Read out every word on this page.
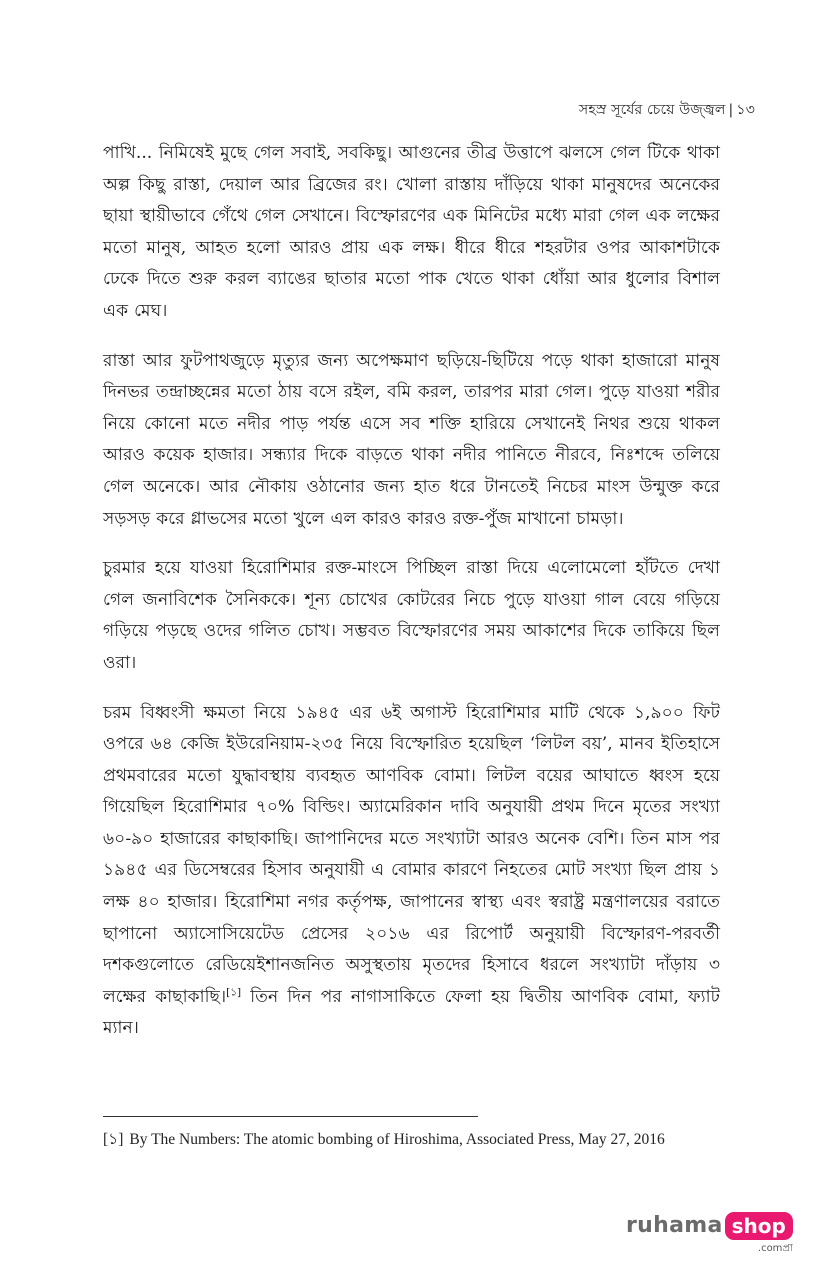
সহস্র সূর্যের চেয়ে উজ্জ্বল | ১৩

পাখি... নিমিষেই মুছে গেল সবাই, সবকিছু। আগুনের তীব্র উত্তাপে ঝলসে গেল টিকে থাকা অল্প কিছু রাস্তা, দেয়াল আর ব্রিজের রং। খোলা রাস্তায় দাঁড়িয়ে থাকা মানুষদের অনেকের ছায়া স্থায়ীভাবে গেঁথে গেল সেখানে। বিস্ফোরণের এক মিনিটের মধ্যে মারা গেল এক লক্ষের মতো মানুষ, আহত হলো আরও প্রায় এক লক্ষ। ধীরে ধীরে শহরটার ওপর আকাশটাকে ঢেকে দিতে শুরু করল ব্যাঙের ছাতার মতো পাক খেতে থাকা ধোঁয়া আর ধুলোর বিশাল এক মেঘ।

রাস্তা আর ফুটপাথজুড়ে মৃত্যুর জন্য অপেক্ষমাণ ছড়িয়ে-ছিটিয়ে পড়ে থাকা হাজারো মানুষ দিনভর তন্দ্রাচ্ছন্নের মতো ঠায় বসে রইল, বমি করল, তারপর মারা গেল। পুড়ে যাওয়া শরীর নিয়ে কোনো মতে নদীর পাড় পর্যন্ত এসে সব শক্তি হারিয়ে সেখানেই নিথর শুয়ে থাকল আরও কয়েক হাজার। সন্ধ্যার দিকে বাড়তে থাকা নদীর পানিতে নীরবে, নিঃশব্দে তলিয়ে গেল অনেকে। আর নৌকায় ওঠানোর জন্য হাত ধরে টানতেই নিচের মাংস উন্মুক্ত করে সড়সড় করে গ্লাভসের মতো খুলে এল কারও কারও রক্ত-পুঁজ মাখানো চামড়া।

চুরমার হয়ে যাওয়া হিরোশিমার রক্ত-মাংসে পিচ্ছিল রাস্তা দিয়ে এলোমেলো হাঁটতে দেখা গেল জনাবিশেক সৈনিককে। শূন্য চোখের কোটরের নিচে পুড়ে যাওয়া গাল বেয়ে গড়িয়ে গড়িয়ে পড়ছে ওদের গলিত চোখ। সম্ভবত বিস্ফোরণের সময় আকাশের দিকে তাকিয়ে ছিল ওরা।

চরম বিধ্বংসী ক্ষমতা নিয়ে ১৯৪৫ এর ৬ই অগাস্ট হিরোশিমার মাটি থেকে ১,৯০০ ফিট ওপরে ৬৪ কেজি ইউরেনিয়াম-২৩৫ নিয়ে বিস্ফোরিত হয়েছিল ‘লিটল বয়’, মানব ইতিহাসে প্রথমবারের মতো যুদ্ধাবস্থায় ব্যবহৃত আণবিক বোমা। লিটল বয়ের আঘাতে ধ্বংস হয়ে গিয়েছিল হিরোশিমার ৭০% বিল্ডিং। অ্যামেরিকান দাবি অনুযায়ী প্রথম দিনে মৃতের সংখ্যা ৬০-৯০ হাজারের কাছাকাছি। জাপানিদের মতে সংখ্যাটা আরও অনেক বেশি। তিন মাস পর ১৯৪৫ এর ডিসেম্বরের হিসাব অনুযায়ী এ বোমার কারণে নিহতের মোট সংখ্যা ছিল প্রায় ১ লক্ষ ৪০ হাজার। হিরোশিমা নগর কর্তৃপক্ষ, জাপানের স্বাস্থ্য এবং স্বরাষ্ট্র মন্ত্রণালয়ের বরাতে ছাপানো অ্যাসোসিয়েটেড প্রেসের ২০১৬ এর রিপোর্ট অনুয়ায়ী বিস্ফোরণ-পরবর্তী দশকগুলোতে রেডিয়েইশানজনিত অসুস্থতায় মৃতদের হিসাবে ধরলে সংখ্যাটা দাঁড়ায় ৩ লক্ষের কাছাকাছি।[১] তিন দিন পর নাগাসাকিতে ফেলা হয় দ্বিতীয় আণবিক বোমা, ফ্যাট ম্যান।

[১] By The Numbers: The atomic bombing of Hiroshima, Associated Press, May 27, 2016
ruhama shop
.comপ্রা
